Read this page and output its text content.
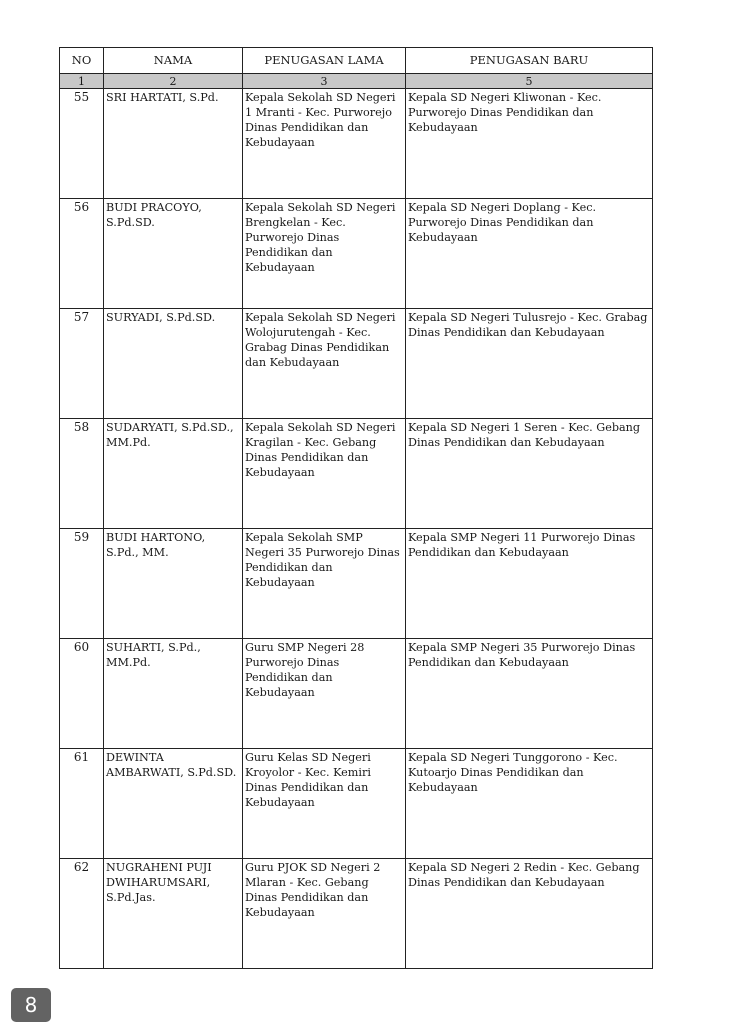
NO	NAMA	PENUGASAN LAMA	PENUGASAN BARU
1	2	3	5
55	SRI HARTATI, S.Pd.	Kepala Sekolah SD Negeri 1 Mranti - Kec. Purworejo Dinas Pendidikan dan Kebudayaan	Kepala SD Negeri Kliwonan - Kec. Purworejo Dinas Pendidikan dan Kebudayaan
56	BUDI PRACOYO, S.Pd.SD.	Kepala Sekolah SD Negeri Brengkelan - Kec. Purworejo Dinas Pendidikan dan Kebudayaan	Kepala SD Negeri Doplang - Kec. Purworejo Dinas Pendidikan dan Kebudayaan
57	SURYADI, S.Pd.SD.	Kepala Sekolah SD Negeri Wolojurutengah - Kec. Grabag Dinas Pendidikan dan Kebudayaan	Kepala SD Negeri Tulusrejo - Kec. Grabag Dinas Pendidikan dan Kebudayaan
58	SUDARYATI, S.Pd.SD., MM.Pd.	Kepala Sekolah SD Negeri Kragilan - Kec. Gebang Dinas Pendidikan dan Kebudayaan	Kepala SD Negeri 1 Seren - Kec. Gebang Dinas Pendidikan dan Kebudayaan
59	BUDI HARTONO, S.Pd., MM.	Kepala Sekolah SMP Negeri 35 Purworejo Dinas Pendidikan dan Kebudayaan	Kepala SMP Negeri 11 Purworejo Dinas Pendidikan dan Kebudayaan
60	SUHARTI, S.Pd., MM.Pd.	Guru SMP Negeri 28 Purworejo Dinas Pendidikan dan Kebudayaan	Kepala SMP Negeri 35 Purworejo Dinas Pendidikan dan Kebudayaan
61	DEWINTA AMBARWATI, S.Pd.SD.	Guru Kelas SD Negeri Kroyolor - Kec. Kemiri Dinas Pendidikan dan Kebudayaan	Kepala SD Negeri Tunggorono - Kec. Kutoarjo Dinas Pendidikan dan Kebudayaan
62	NUGRAHENI PUJI DWIHARUMSARI, S.Pd.Jas.	Guru PJOK SD Negeri 2 Mlaran - Kec. Gebang Dinas Pendidikan dan Kebudayaan	Kepala SD Negeri 2 Redin - Kec. Gebang Dinas Pendidikan dan Kebudayaan
8
